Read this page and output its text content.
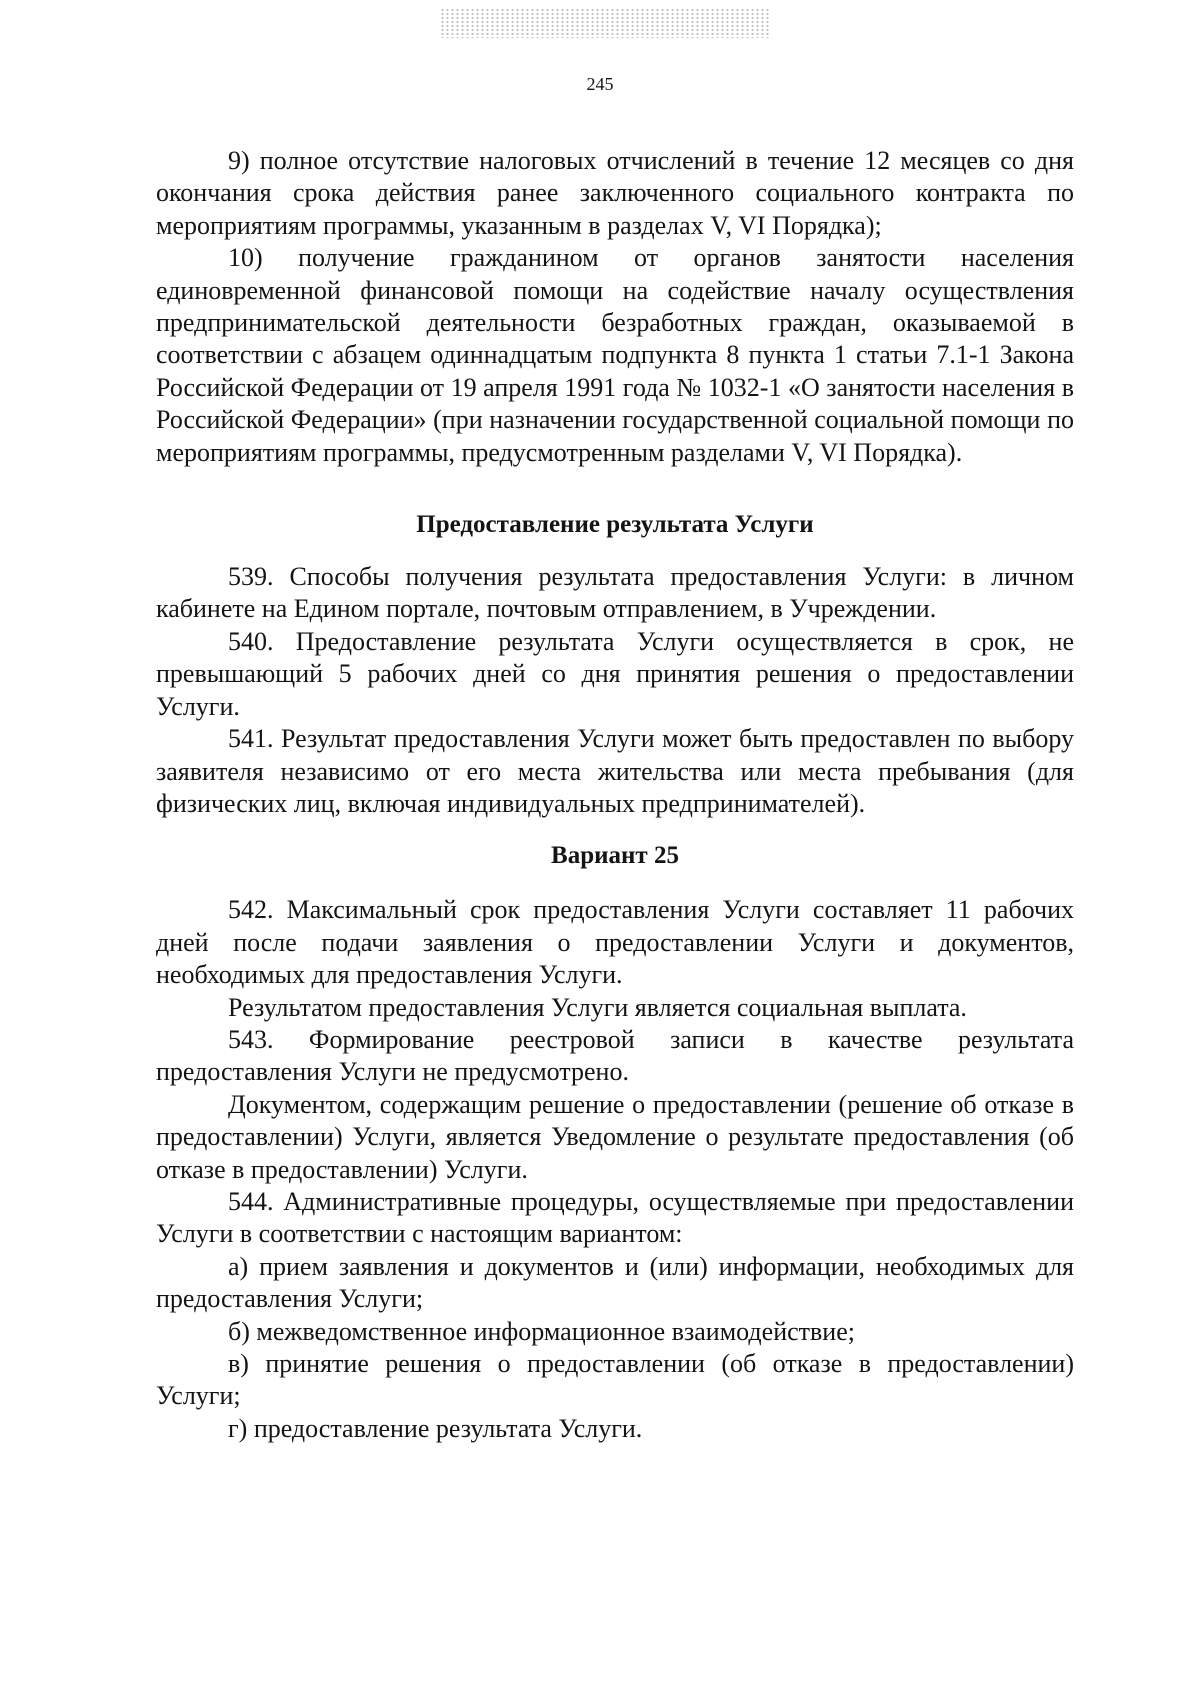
245

9) полное отсутствие налоговых отчислений в течение 12 месяцев со дня окончания срока действия ранее заключенного социального контракта по мероприятиям программы, указанным в разделах V, VI Порядка);

10) получение гражданином от органов занятости населения единовременной финансовой помощи на содействие началу осуществления предпринимательской деятельности безработных граждан, оказываемой в соответствии с абзацем одиннадцатым подпункта 8 пункта 1 статьи 7.1-1 Закона Российской Федерации от 19 апреля 1991 года № 1032-1 «О занятости населения в Российской Федерации» (при назначении государственной социальной помощи по мероприятиям программы, предусмотренным разделами V, VI Порядка).

Предоставление результата Услуги

539. Способы получения результата предоставления Услуги: в личном кабинете на Едином портале, почтовым отправлением, в Учреждении.

540. Предоставление результата Услуги осуществляется в срок, не превышающий 5 рабочих дней со дня принятия решения о предоставлении Услуги.

541. Результат предоставления Услуги может быть предоставлен по выбору заявителя независимо от его места жительства или места пребывания (для физических лиц, включая индивидуальных предпринимателей).

Вариант 25

542. Максимальный срок предоставления Услуги составляет 11 рабочих дней после подачи заявления о предоставлении Услуги и документов, необходимых для предоставления Услуги.

Результатом предоставления Услуги является социальная выплата.

543. Формирование реестровой записи в качестве результата предоставления Услуги не предусмотрено.

Документом, содержащим решение о предоставлении (решение об отказе в предоставлении) Услуги, является Уведомление о результате предоставления (об отказе в предоставлении) Услуги.

544. Административные процедуры, осуществляемые при предоставлении Услуги в соответствии с настоящим вариантом:

а) прием заявления и документов и (или) информации, необходимых для предоставления Услуги;

б) межведомственное информационное взаимодействие;

в) принятие решения о предоставлении (об отказе в предоставлении) Услуги;

г) предоставление результата Услуги.
